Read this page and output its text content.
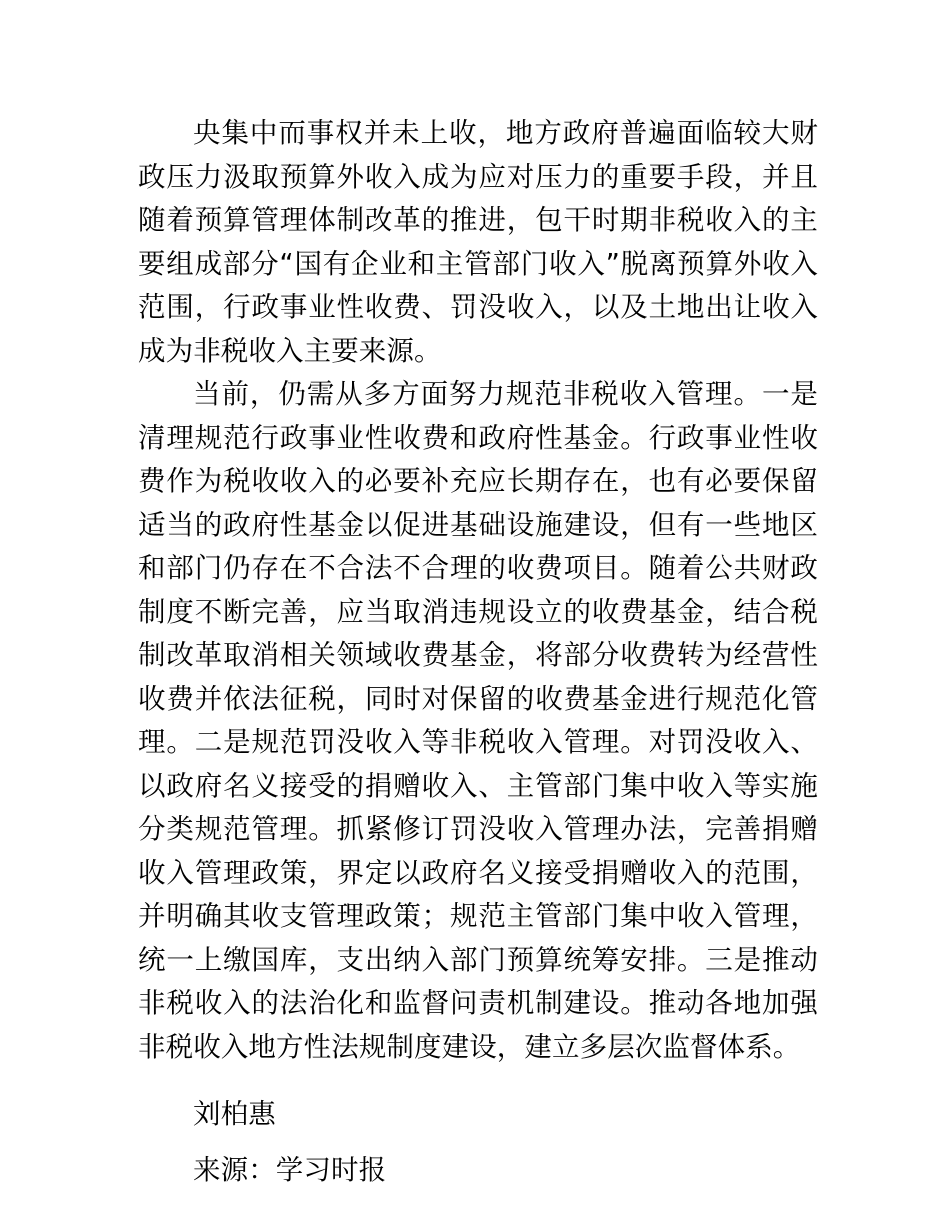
央集中而事权并未上收，地方政府普遍面临较大财政压力汲取预算外收入成为应对压力的重要手段，并且随着预算管理体制改革的推进，包干时期非税收入的主要组成部分“国有企业和主管部门收入”脱离预算外收入范围，行政事业性收费、罚没收入，以及土地出让收入成为非税收入主要来源。

当前，仍需从多方面努力规范非税收入管理。一是清理规范行政事业性收费和政府性基金。行政事业性收费作为税收收入的必要补充应长期存在，也有必要保留适当的政府性基金以促进基础设施建设，但有一些地区和部门仍存在不合法不合理的收费项目。随着公共财政制度不断完善，应当取消违规设立的收费基金，结合税制改革取消相关领域收费基金，将部分收费转为经营性收费并依法征税，同时对保留的收费基金进行规范化管理。二是规范罚没收入等非税收入管理。对罚没收入、以政府名义接受的捐赠收入、主管部门集中收入等实施分类规范管理。抓紧修订罚没收入管理办法，完善捐赠收入管理政策，界定以政府名义接受捐赠收入的范围，并明确其收支管理政策；规范主管部门集中收入管理，统一上缴国库，支出纳入部门预算统筹安排。三是推动非税收入的法治化和监督问责机制建设。推动各地加强非税收入地方性法规制度建设，建立多层次监督体系。

刘柏惠

来源：学习时报
